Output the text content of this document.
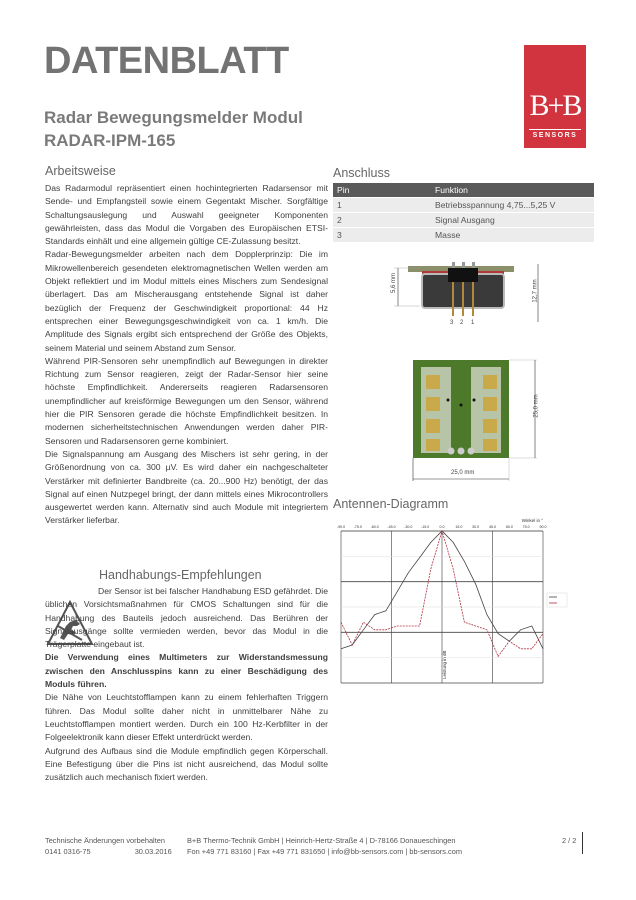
DATENBLATT
Radar Bewegungsmelder Modul
RADAR-IPM-165
B+B
SENSORS
Arbeitsweise

Das Radarmodul repräsentiert einen hochintegrierten Radarsensor mit Sende- und Empfangsteil sowie einem Gegentakt Mischer. Sorgfältige Schaltungsauslegung und Auswahl geeigneter Komponenten gewährleisten, dass das Modul die Vorgaben des Europäischen ETSI-Standards einhält und eine allgemein gültige CE-Zulassung besitzt.

Radar-Bewegungsmelder arbeiten nach dem Dopplerprinzip: Die im Mikrowellenbereich gesendeten elektromagnetischen Wellen werden am Objekt reflektiert und im Modul mittels eines Mischers zum Sendesignal überlagert. Das am Mischerausgang entstehende Signal ist daher bezüglich der Frequenz der Geschwindigkeit proportional: 44 Hz entsprechen einer Bewegungsgeschwindigkeit von ca. 1 km/h. Die Amplitude des Signals ergibt sich entsprechend der Größe des Objekts, seinem Material und seinem Abstand zum Sensor.

Während PIR-Sensoren sehr unempfindlich auf Bewegungen in direkter Richtung zum Sensor reagieren, zeigt der Radar-Sensor hier seine höchste Empfindlichkeit. Andererseits reagieren Radarsensoren unempfindlicher auf kreisförmige Bewegungen um den Sensor, während hier die PIR Sensoren gerade die höchste Empfindlichkeit besitzen. In modernen sicherheitstechnischen Anwendungen werden daher PIR-Sensoren und Radarsensoren gerne kombiniert.

Die Signalspannung am Ausgang des Mischers ist sehr gering, in der Größenordnung von ca. 300 µV. Es wird daher ein nachgeschalteter Verstärker mit definierter Bandbreite (ca. 20...900 Hz) benötigt, der das Signal auf einen Nutzpegel bringt, der dann mittels eines Mikrocontrollers ausgewertet werden kann. Alternativ sind auch Module mit integriertem Verstärker lieferbar.

Handhabungs-Empfehlungen

Der Sensor ist bei falscher Handhabung ESD gefährdet. Die üblichen Vorsichtsmaßnahmen für CMOS Schaltungen sind für die Handhabung des Bauteils jedoch ausreichend. Das Berühren der Signalausgänge sollte vermieden werden, bevor das Modul in die Trägerplatte eingebaut ist.

Die Verwendung eines Multimeters zur Widerstandsmessung zwischen den Anschlusspins kann zu einer Beschädigung des Moduls führen.

Die Nähe von Leuchtstofflampen kann zu einem fehlerhaften Triggern führen. Das Modul sollte daher nicht in unmittelbarer Nähe zu Leuchtstofflampen montiert werden. Durch ein 100 Hz-Kerbfilter in der Folgeelektronik kann dieser Effekt unterdrückt werden.

Aufgrund des Aufbaus sind die Module empfindlich gegen Körperschall. Eine Befestigung über die Pins ist nicht ausreichend, das Modul sollte zusätzlich auch mechanisch fixiert werden.

Anschluss
Pin	Funktion
1	Betriebsspannung 4,75...5,25 V
2	Signal Ausgang
3	Masse
5,6 mm	12,7 mm
3 2 1
25,0 mm
25,0 mm
Antennen-Diagramm
-90.0 -75.0 -60.0 -45.0 -30.0 -15.0	0.0	15.0	30.0	45.0	60.0	75.0	90.0
Winkel in °
Leistung in dB
Technische Änderungen vorbehalten
0141 0316-75	30.03.2016
B+B Thermo-Technik GmbH | Heinrich-Hertz-Straße 4 | D-78166 Donaueschingen
Fon +49 771 83160 | Fax +49 771 831650 | info@bb-sensors.com | bb-sensors.com
2 / 2
